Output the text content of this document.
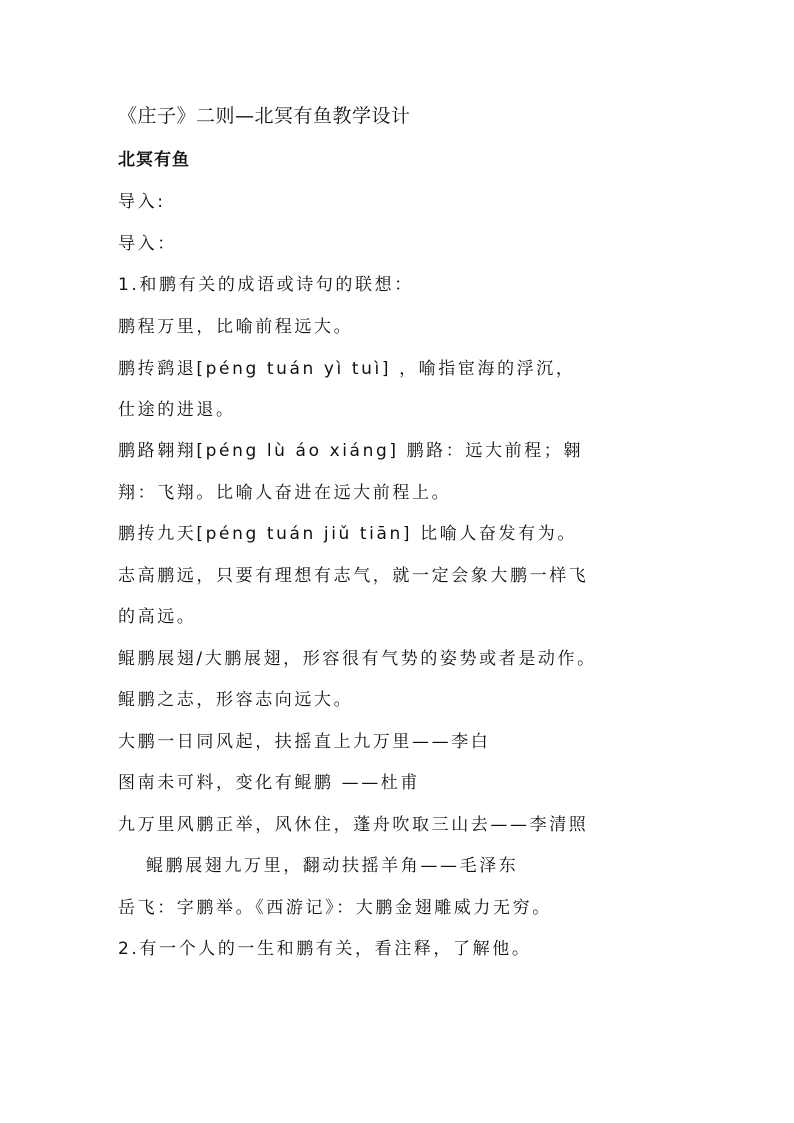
《庄子》二则—北冥有鱼教学设计
北冥有鱼
导入:
导入：
1.和鹏有关的成语或诗句的联想：
鹏程万里，比喻前程远大。
鹏抟鹞退[péng tuán yì tuì] ，喻指宦海的浮沉，
仕途的进退。
鹏路翱翔[péng lù áo xiáng] 鹏路：远大前程；翱
翔：飞翔。比喻人奋进在远大前程上。
鹏抟九天[péng tuán jiǔ tiān] 比喻人奋发有为。
志高鹏远，只要有理想有志气，就一定会象大鹏一样飞
的高远。
鲲鹏展翅/大鹏展翅，形容很有气势的姿势或者是动作。
鲲鹏之志，形容志向远大。
大鹏一日同风起，扶摇直上九万里——李白
图南未可料，变化有鲲鹏 ——杜甫
九万里风鹏正举，风休住，蓬舟吹取三山去——李清照
鲲鹏展翅九万里，翻动扶摇羊角——毛泽东
岳飞：字鹏举。《西游记》：大鹏金翅雕威力无穷。
2.有一个人的一生和鹏有关，看注释，了解他。
